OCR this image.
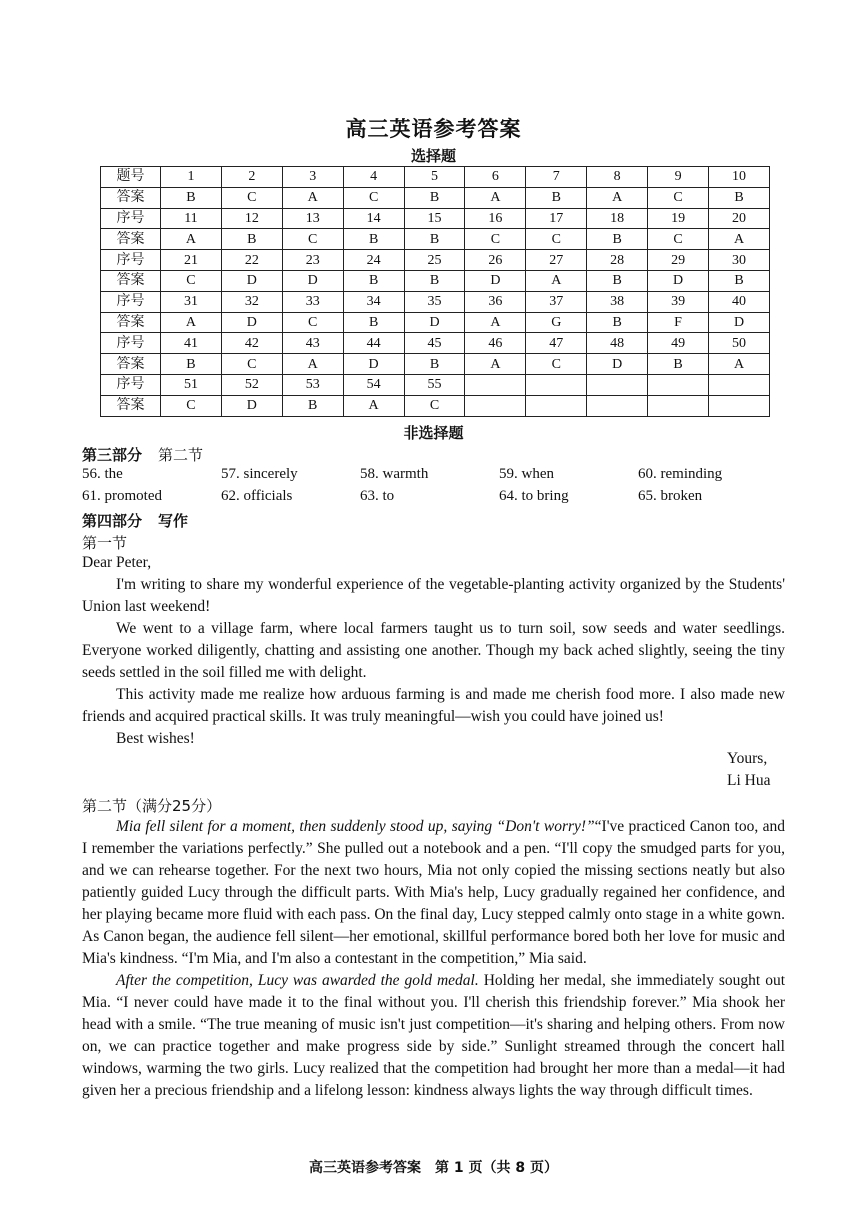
高三英语参考答案
选择题
题号	1	2	3	4	5	6	7	8	9	10
答案	B	C	A	C	B	A	B	A	C	B
序号	11	12	13	14	15	16	17	18	19	20
答案	A	B	C	B	B	C	C	B	C	A
序号	21	22	23	24	25	26	27	28	29	30
答案	C	D	D	B	B	D	A	B	D	B
序号	31	32	33	34	35	36	37	38	39	40
答案	A	D	C	B	D	A	G	B	F	D
序号	41	42	43	44	45	46	47	48	49	50
答案	B	C	A	D	B	A	C	D	B	A
序号	51	52	53	54	55					
答案	C	D	B	A	C					
非选择题
第三部分 第二节
56. the	57. sincerely	58. warmth	59. when	60. reminding
61. promoted	62. officials	63. to	64. to bring	65. broken
第四部分 写作
第一节

Dear Peter,

I'm writing to share my wonderful experience of the vegetable-planting activity organized by the Students' Union last weekend!

We went to a village farm, where local farmers taught us to turn soil, sow seeds and water seedlings. Everyone worked diligently, chatting and assisting one another. Though my back ached slightly, seeing the tiny seeds settled in the soil filled me with delight.

This activity made me realize how arduous farming is and made me cherish food more. I also made new friends and acquired practical skills. It was truly meaningful—wish you could have joined us!

Best wishes!

Yours,
Li Hua
第二节（满分25分）

Mia fell silent for a moment, then suddenly stood up, saying “Don't worry!”“I've practiced Canon too, and I remember the variations perfectly.” She pulled out a notebook and a pen. “I'll copy the smudged parts for you, and we can rehearse together. For the next two hours, Mia not only copied the missing sections neatly but also patiently guided Lucy through the difficult parts. With Mia's help, Lucy gradually regained her confidence, and her playing became more fluid with each pass. On the final day, Lucy stepped calmly onto stage in a white gown. As Canon began, the audience fell silent—her emotional, skillful performance bored both her love for music and Mia's kindness. “I'm Mia, and I'm also a contestant in the competition,” Mia said.

After the competition, Lucy was awarded the gold medal. Holding her medal, she immediately sought out Mia. “I never could have made it to the final without you. I'll cherish this friendship forever.” Mia shook her head with a smile. “The true meaning of music isn't just competition—it's sharing and helping others. From now on, we can practice together and make progress side by side.” Sunlight streamed through the concert hall windows, warming the two girls. Lucy realized that the competition had brought her more than a medal—it had given her a precious friendship and a lifelong lesson: kindness always lights the way through difficult times.

高三英语参考答案　第 1 页（共 8 页）
